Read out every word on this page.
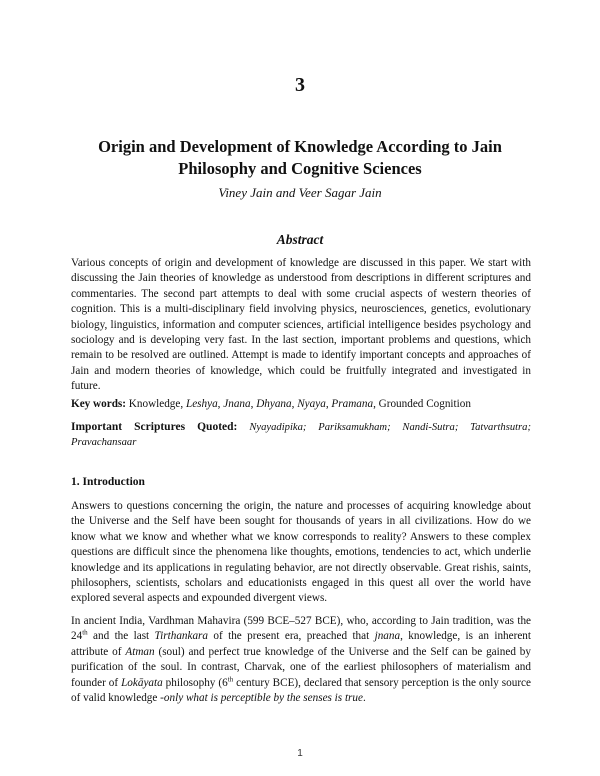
3
Origin and Development of Knowledge According to Jain
Philosophy and Cognitive Sciences
Viney Jain and Veer Sagar Jain
Abstract

Various concepts of origin and development of knowledge are discussed in this paper. We start with discussing the Jain theories of knowledge as understood from descriptions in different scriptures and commentaries. The second part attempts to deal with some crucial aspects of western theories of cognition. This is a multi-disciplinary field involving physics, neurosciences, genetics, evolutionary biology, linguistics, information and computer sciences, artificial intelligence besides psychology and sociology and is developing very fast. In the last section, important problems and questions, which remain to be resolved are outlined. Attempt is made to identify important concepts and approaches of Jain and modern theories of knowledge, which could be fruitfully integrated and investigated in future.

Key words: Knowledge, Leshya, Jnana, Dhyana, Nyaya, Pramana, Grounded Cognition

Important Scriptures Quoted: Nyayadipika; Pariksamukham; Nandi-Sutra; Tatvarthsutra; Pravachansaar

1. Introduction

Answers to questions concerning the origin, the nature and processes of acquiring knowledge about the Universe and the Self have been sought for thousands of years in all civilizations. How do we know what we know and whether what we know corresponds to reality? Answers to these complex questions are difficult since the phenomena like thoughts, emotions, tendencies to act, which underlie knowledge and its applications in regulating behavior, are not directly observable. Great rishis, saints, philosophers, scientists, scholars and educationists engaged in this quest all over the world have explored several aspects and expounded divergent views.

In ancient India, Vardhman Mahavira (599 BCE–527 BCE), who, according to Jain tradition, was the 24th and the last Tirthankara of the present era, preached that jnana, knowledge, is an inherent attribute of Atman (soul) and perfect true knowledge of the Universe and the Self can be gained by purification of the soul. In contrast, Charvak, one of the earliest philosophers of materialism and founder of Lokāyata philosophy (6th century BCE), declared that sensory perception is the only source of valid knowledge -only what is perceptible by the senses is true.

1
